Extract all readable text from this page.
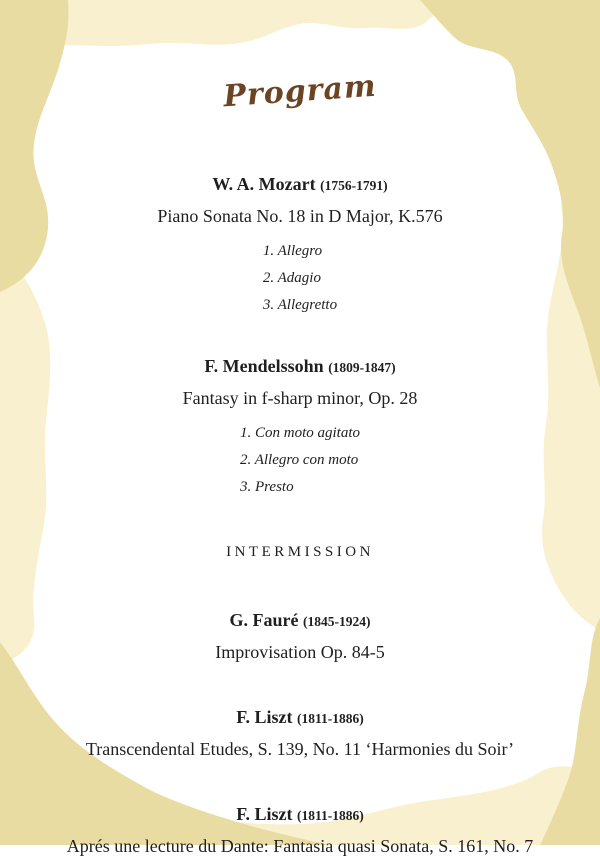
Program
W. A. Mozart (1756-1791)

Piano Sonata No. 18 in D Major, K.576

1. Allegro
2. Adagio
3. Allegretto
F. Mendelssohn (1809-1847)

Fantasy in f-sharp minor, Op. 28

1. Con moto agitato
2. Allegro con moto
3. Presto

INTERMISSION

G. Fauré (1845-1924)

Improvisation Op. 84-5

F. Liszt (1811-1886)

Transcendental Etudes, S. 139, No. 11 ‘Harmonies du Soir’

F. Liszt (1811-1886)

Aprés une lecture du Dante: Fantasia quasi Sonata, S. 161, No. 7
